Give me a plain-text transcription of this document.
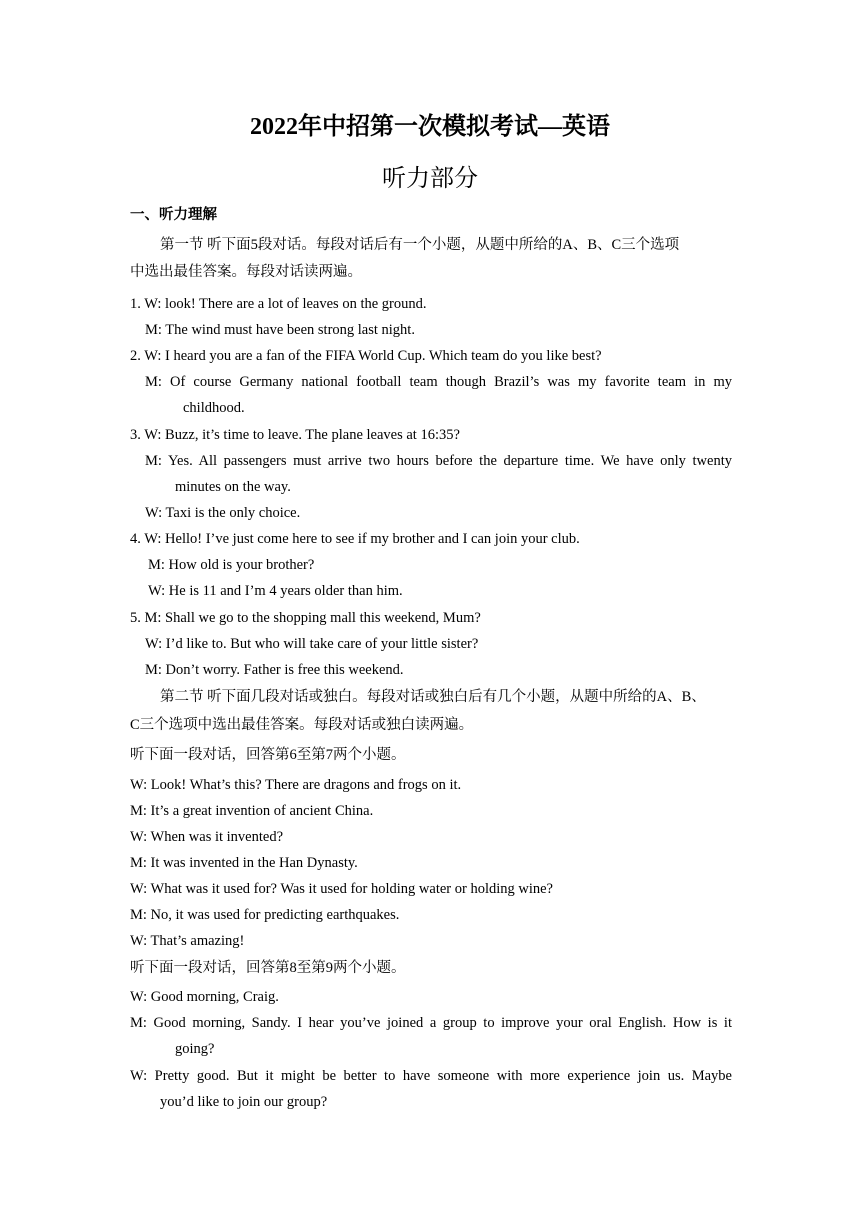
2022年中招第一次模拟考试—英语
听力部分
一、听力理解
第一节 听下面5段对话。每段对话后有一个小题，从题中所给的A、B、C三个选项
中选出最佳答案。每段对话读两遍。
1. W: look! There are a lot of leaves on the ground.
M: The wind must have been strong last night.
2. W: I heard you are a fan of the FIFA World Cup. Which team do you like best?
M: Of course Germany national football team though Brazil’s was my favorite team in my
childhood.
3. W: Buzz, it’s time to leave. The plane leaves at 16:35?
M: Yes. All passengers must arrive two hours before the departure time. We have only twenty
minutes on the way.
W: Taxi is the only choice.
4. W: Hello! I’ve just come here to see if my brother and I can join your club.
M: How old is your brother?
W: He is 11 and I’m 4 years older than him.
5. M: Shall we go to the shopping mall this weekend, Mum?
W: I’d like to. But who will take care of your little sister?
M: Don’t worry. Father is free this weekend.
第二节 听下面几段对话或独白。每段对话或独白后有几个小题，从题中所给的A、B、
C三个选项中选出最佳答案。每段对话或独白读两遍。
听下面一段对话，回答第6至第7两个小题。
W: Look! What’s this? There are dragons and frogs on it.
M: It’s a great invention of ancient China.
W: When was it invented?
M: It was invented in the Han Dynasty.
W: What was it used for? Was it used for holding water or holding wine?
M: No, it was used for predicting earthquakes.
W: That’s amazing!
听下面一段对话，回答第8至第9两个小题。
W: Good morning, Craig.
M: Good morning, Sandy. I hear you’ve joined a group to improve your oral English. How is it
going?
W: Pretty good. But it might be better to have someone with more experience join us. Maybe
you’d like to join our group?
